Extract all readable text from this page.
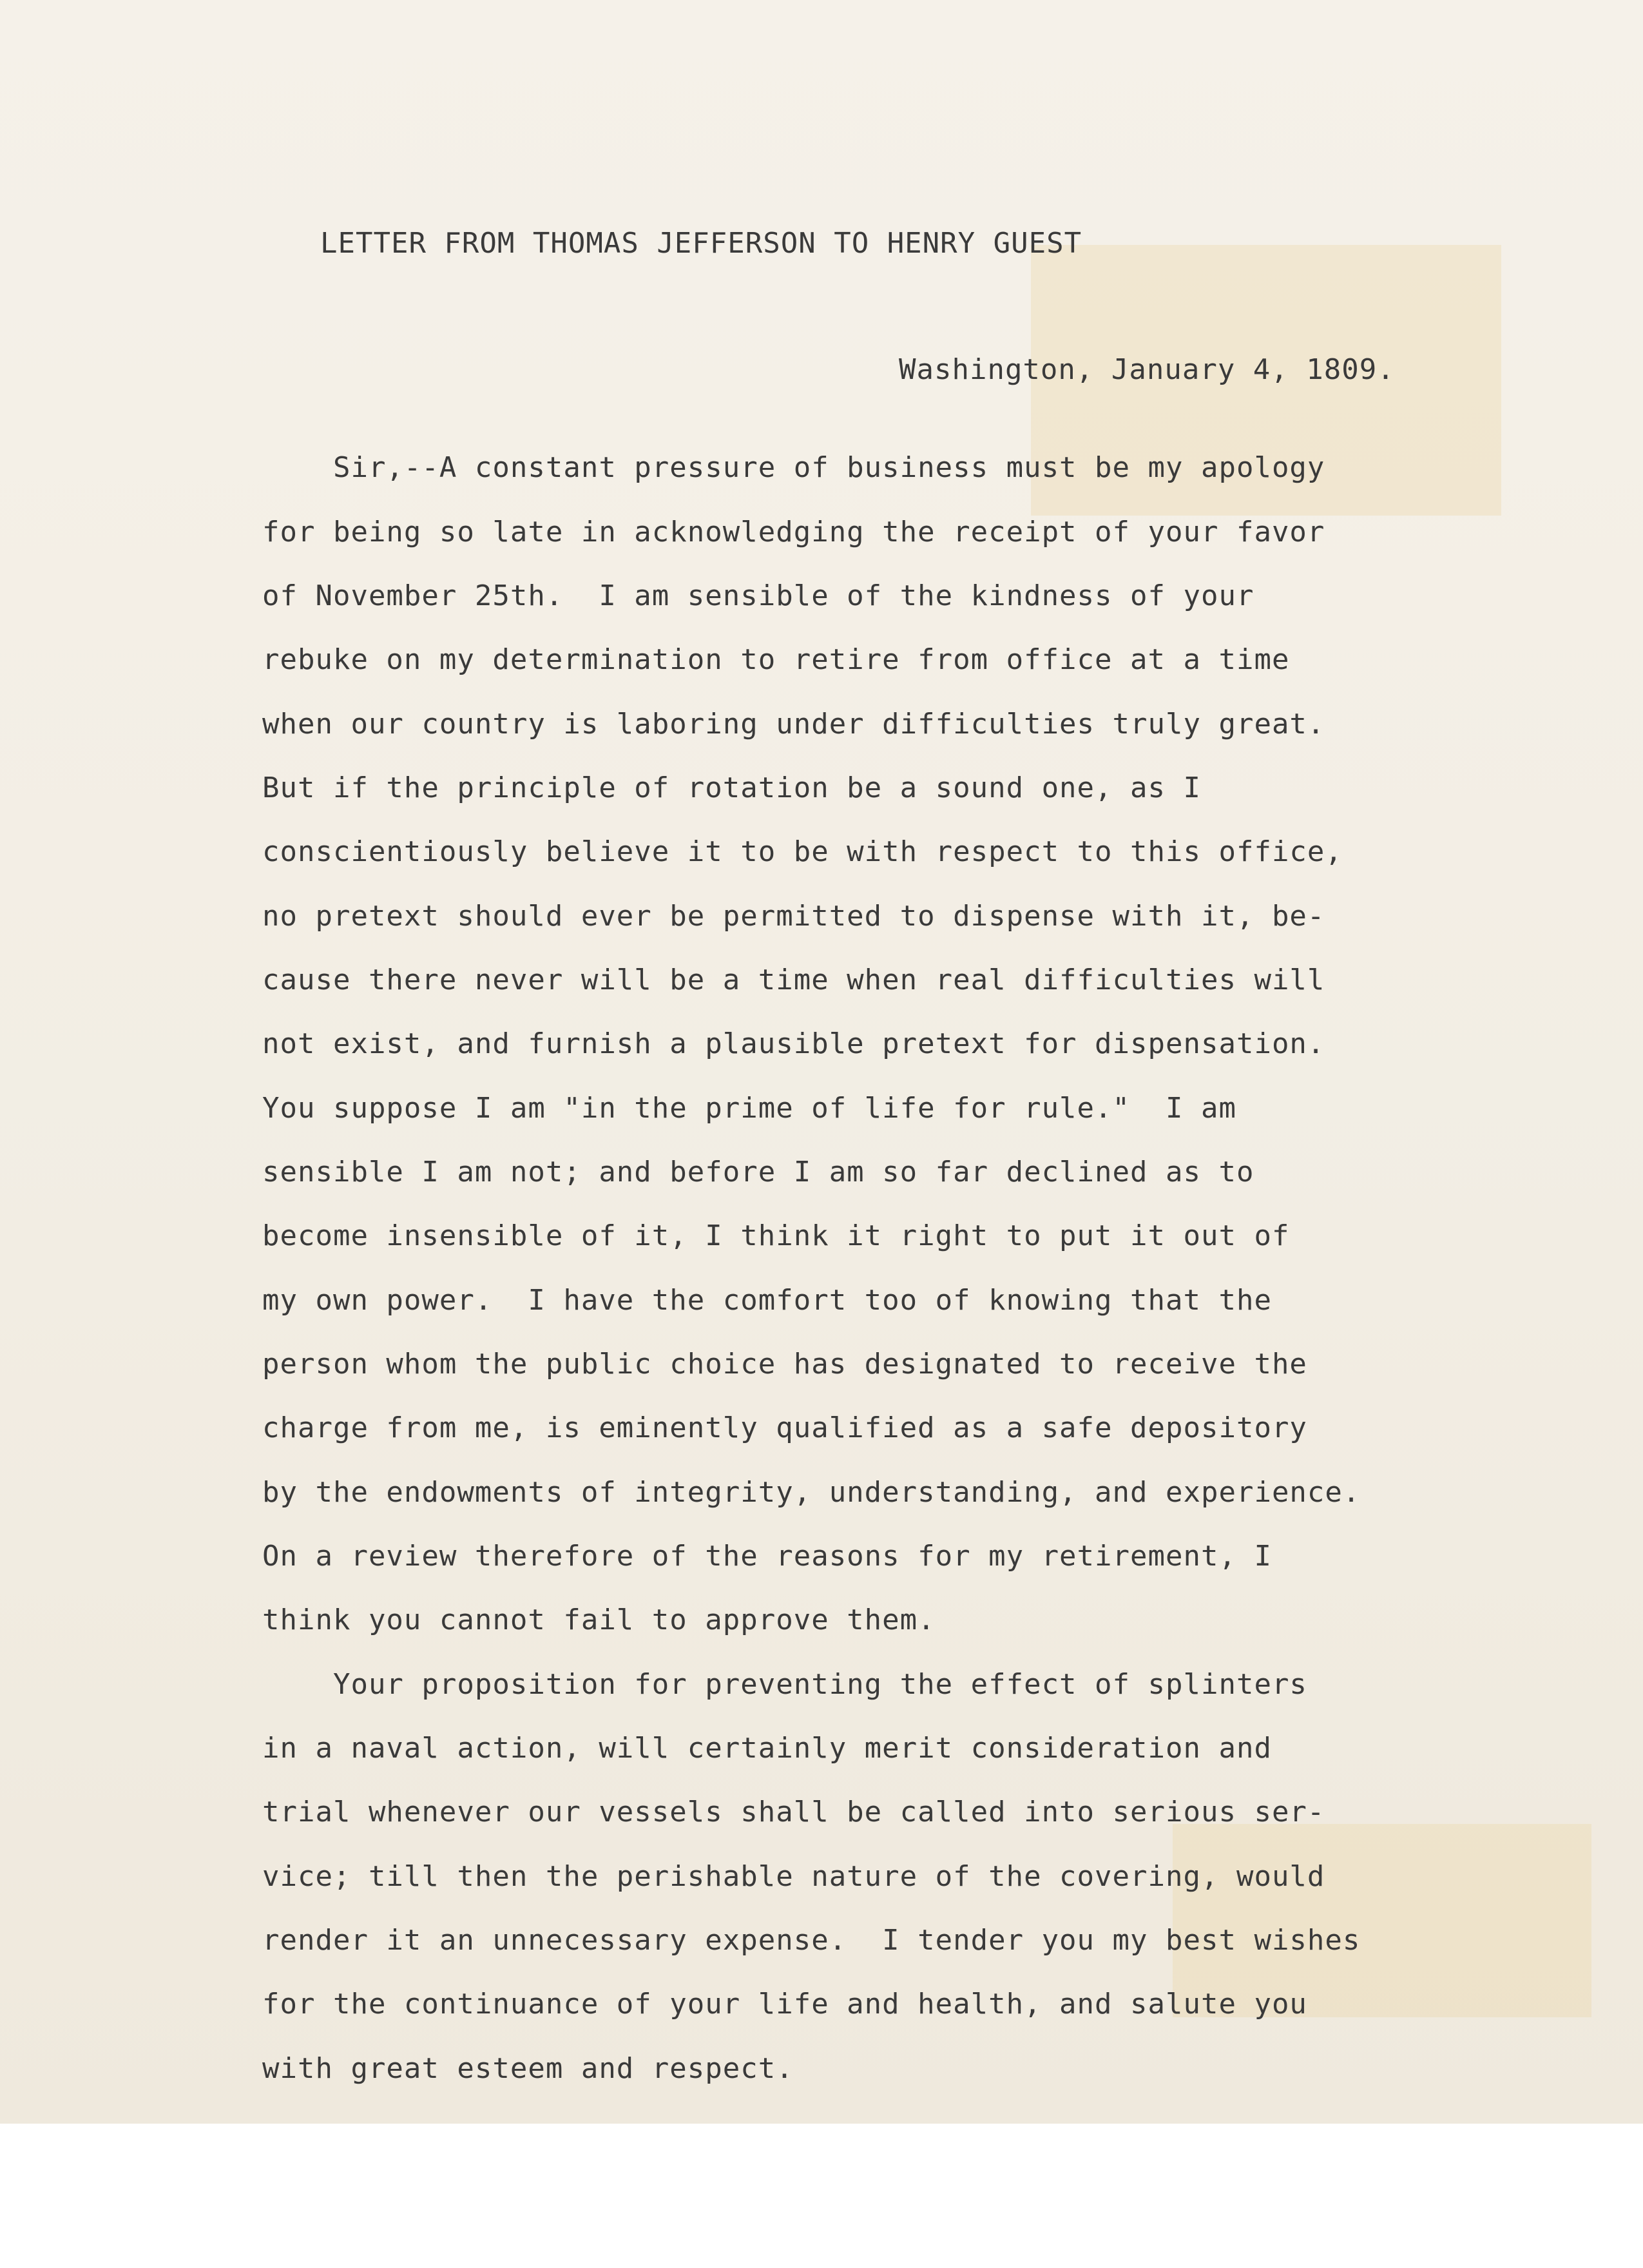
LETTER FROM THOMAS JEFFERSON TO HENRY GUEST

Washington, January 4, 1809.

Sir,--A constant pressure of business must be my apology

for being so late in acknowledging the receipt of your favor

of November 25th.  I am sensible of the kindness of your

rebuke on my determination to retire from office at a time

when our country is laboring under difficulties truly great.

But if the principle of rotation be a sound one, as I

conscientiously believe it to be with respect to this office,

no pretext should ever be permitted to dispense with it, be-

cause there never will be a time when real difficulties will

not exist, and furnish a plausible pretext for dispensation.

You suppose I am "in the prime of life for rule."  I am

sensible I am not; and before I am so far declined as to

become insensible of it, I think it right to put it out of

my own power.  I have the comfort too of knowing that the

person whom the public choice has designated to receive the

charge from me, is eminently qualified as a safe depository

by the endowments of integrity, understanding, and experience.

On a review therefore of the reasons for my retirement, I

think you cannot fail to approve them.

Your proposition for preventing the effect of splinters

in a naval action, will certainly merit consideration and

trial whenever our vessels shall be called into serious ser-

vice; till then the perishable nature of the covering, would

render it an unnecessary expense.  I tender you my best wishes

for the continuance of your life and health, and salute you

with great esteem and respect.
